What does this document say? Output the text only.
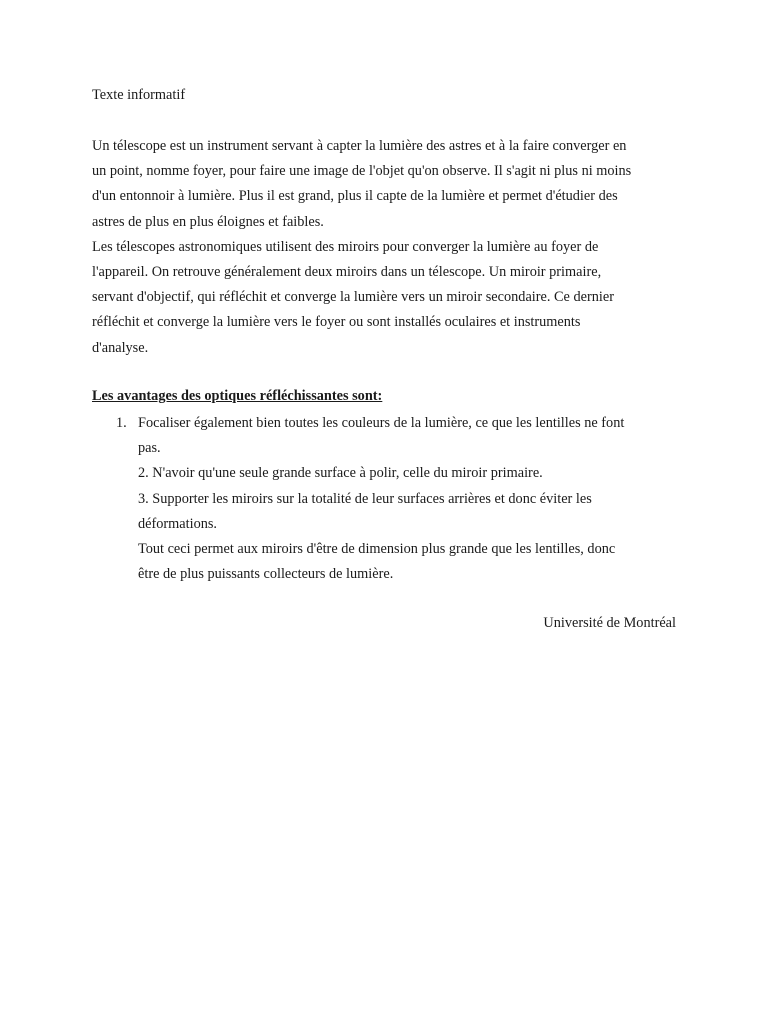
Texte informatif
Un télescope est un instrument servant à capter la lumière des astres et à la faire converger en
un point, nomme foyer, pour faire une image de l'objet qu'on observe. Il s'agit ni plus ni moins
d'un entonnoir à lumière. Plus il est grand, plus il capte de la lumière et permet d'étudier des
astres de plus en plus éloignes et faibles.
Les télescopes astronomiques utilisent des miroirs pour converger la lumière au foyer de
l'appareil. On retrouve généralement deux miroirs dans un télescope. Un miroir primaire,
servant d'objectif, qui réfléchit et converge la lumière vers un miroir secondaire. Ce dernier
réfléchit et converge la lumière vers le foyer ou sont installés oculaires et instruments
d'analyse.
Les avantages des optiques réfléchissantes sont:
1. Focaliser également bien toutes les couleurs de la lumière, ce que les lentilles ne font
pas.
2. N'avoir qu'une seule grande surface à polir, celle du miroir primaire.
3. Supporter les miroirs sur la totalité de leur surfaces arrières et donc éviter les
déformations.
Tout ceci permet aux miroirs d'être de dimension plus grande que les lentilles, donc
être de plus puissants collecteurs de lumière.
Université de Montréal
